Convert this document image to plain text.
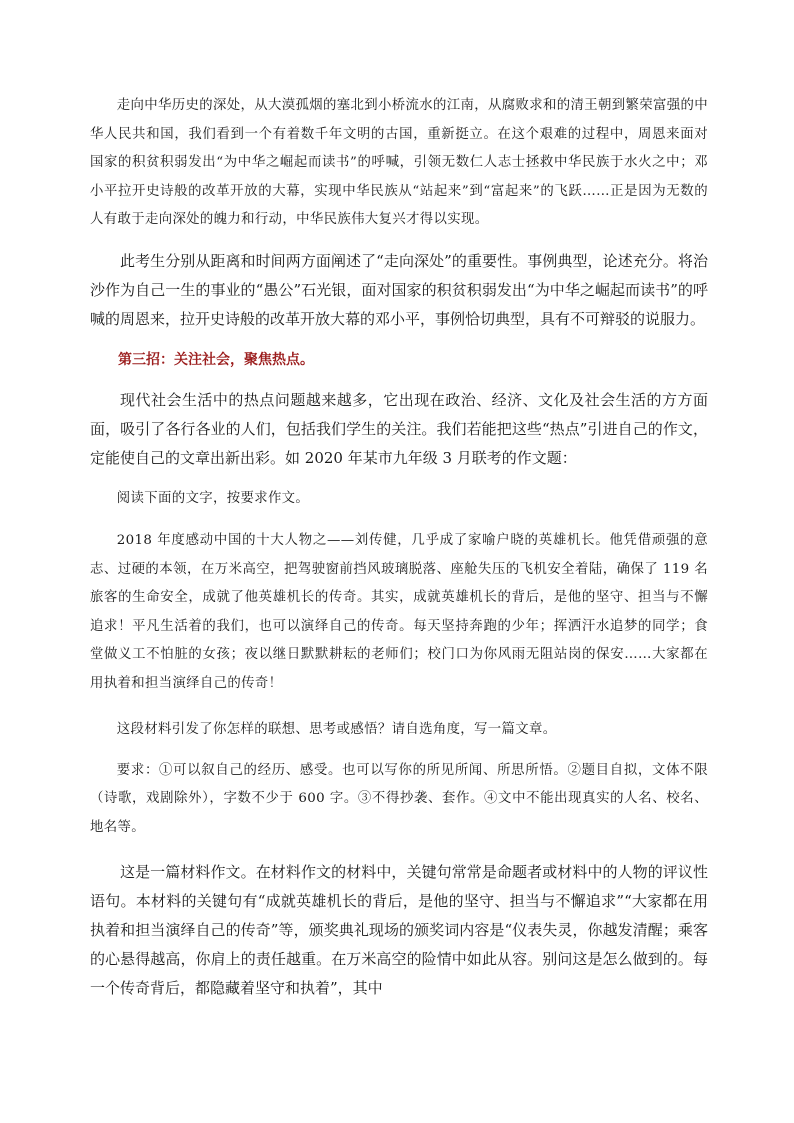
走向中华历史的深处，从大漠孤烟的塞北到小桥流水的江南，从腐败求和的清王朝到繁荣富强的中华人民共和国，我们看到一个有着数千年文明的古国，重新挺立。在这个艰难的过程中，周恩来面对国家的积贫积弱发出“为中华之崛起而读书”的呼喊，引领无数仁人志士拯救中华民族于水火之中；邓小平拉开史诗般的改革开放的大幕，实现中华民族从“站起来”到“富起来”的飞跃……正是因为无数的人有敢于走向深处的魄力和行动，中华民族伟大复兴才得以实现。

此考生分别从距离和时间两方面阐述了“走向深处”的重要性。事例典型，论述充分。将治沙作为自己一生的事业的“愚公”石光银，面对国家的积贫积弱发出“为中华之崛起而读书”的呼喊的周恩来，拉开史诗般的改革开放大幕的邓小平，事例恰切典型，具有不可辩驳的说服力。

第三招：关注社会，聚焦热点。

现代社会生活中的热点问题越来越多，它出现在政治、经济、文化及社会生活的方方面面，吸引了各行各业的人们，包括我们学生的关注。我们若能把这些“热点”引进自己的作文，定能使自己的文章出新出彩。如 2020 年某市九年级 3 月联考的作文题：

阅读下面的文字，按要求作文。

2018 年度感动中国的十大人物之——刘传健，几乎成了家喻户晓的英雄机长。他凭借顽强的意志、过硬的本领，在万米高空，把驾驶窗前挡风玻璃脱落、座舱失压的飞机安全着陆，确保了 119 名旅客的生命安全，成就了他英雄机长的传奇。其实，成就英雄机长的背后，是他的坚守、担当与不懈追求！平凡生活着的我们，也可以演绎自己的传奇。每天坚持奔跑的少年；挥洒汗水追梦的同学；食堂做义工不怕脏的女孩；夜以继日默默耕耘的老师们；校门口为你风雨无阻站岗的保安……大家都在用执着和担当演绎自己的传奇！

这段材料引发了你怎样的联想、思考或感悟？请自选角度，写一篇文章。

要求：①可以叙自己的经历、感受。也可以写你的所见所闻、所思所悟。②题目自拟，文体不限（诗歌，戏剧除外），字数不少于 600 字。③不得抄袭、套作。④文中不能出现真实的人名、校名、地名等。

这是一篇材料作文。在材料作文的材料中，关键句常常是命题者或材料中的人物的评议性语句。本材料的关键句有“成就英雄机长的背后，是他的坚守、担当与不懈追求”“大家都在用执着和担当演绎自己的传奇”等，颁奖典礼现场的颁奖词内容是“仪表失灵，你越发清醒；乘客的心悬得越高，你肩上的责任越重。在万米高空的险情中如此从容。别问这是怎么做到的。每一个传奇背后，都隐藏着坚守和执着”，其中
